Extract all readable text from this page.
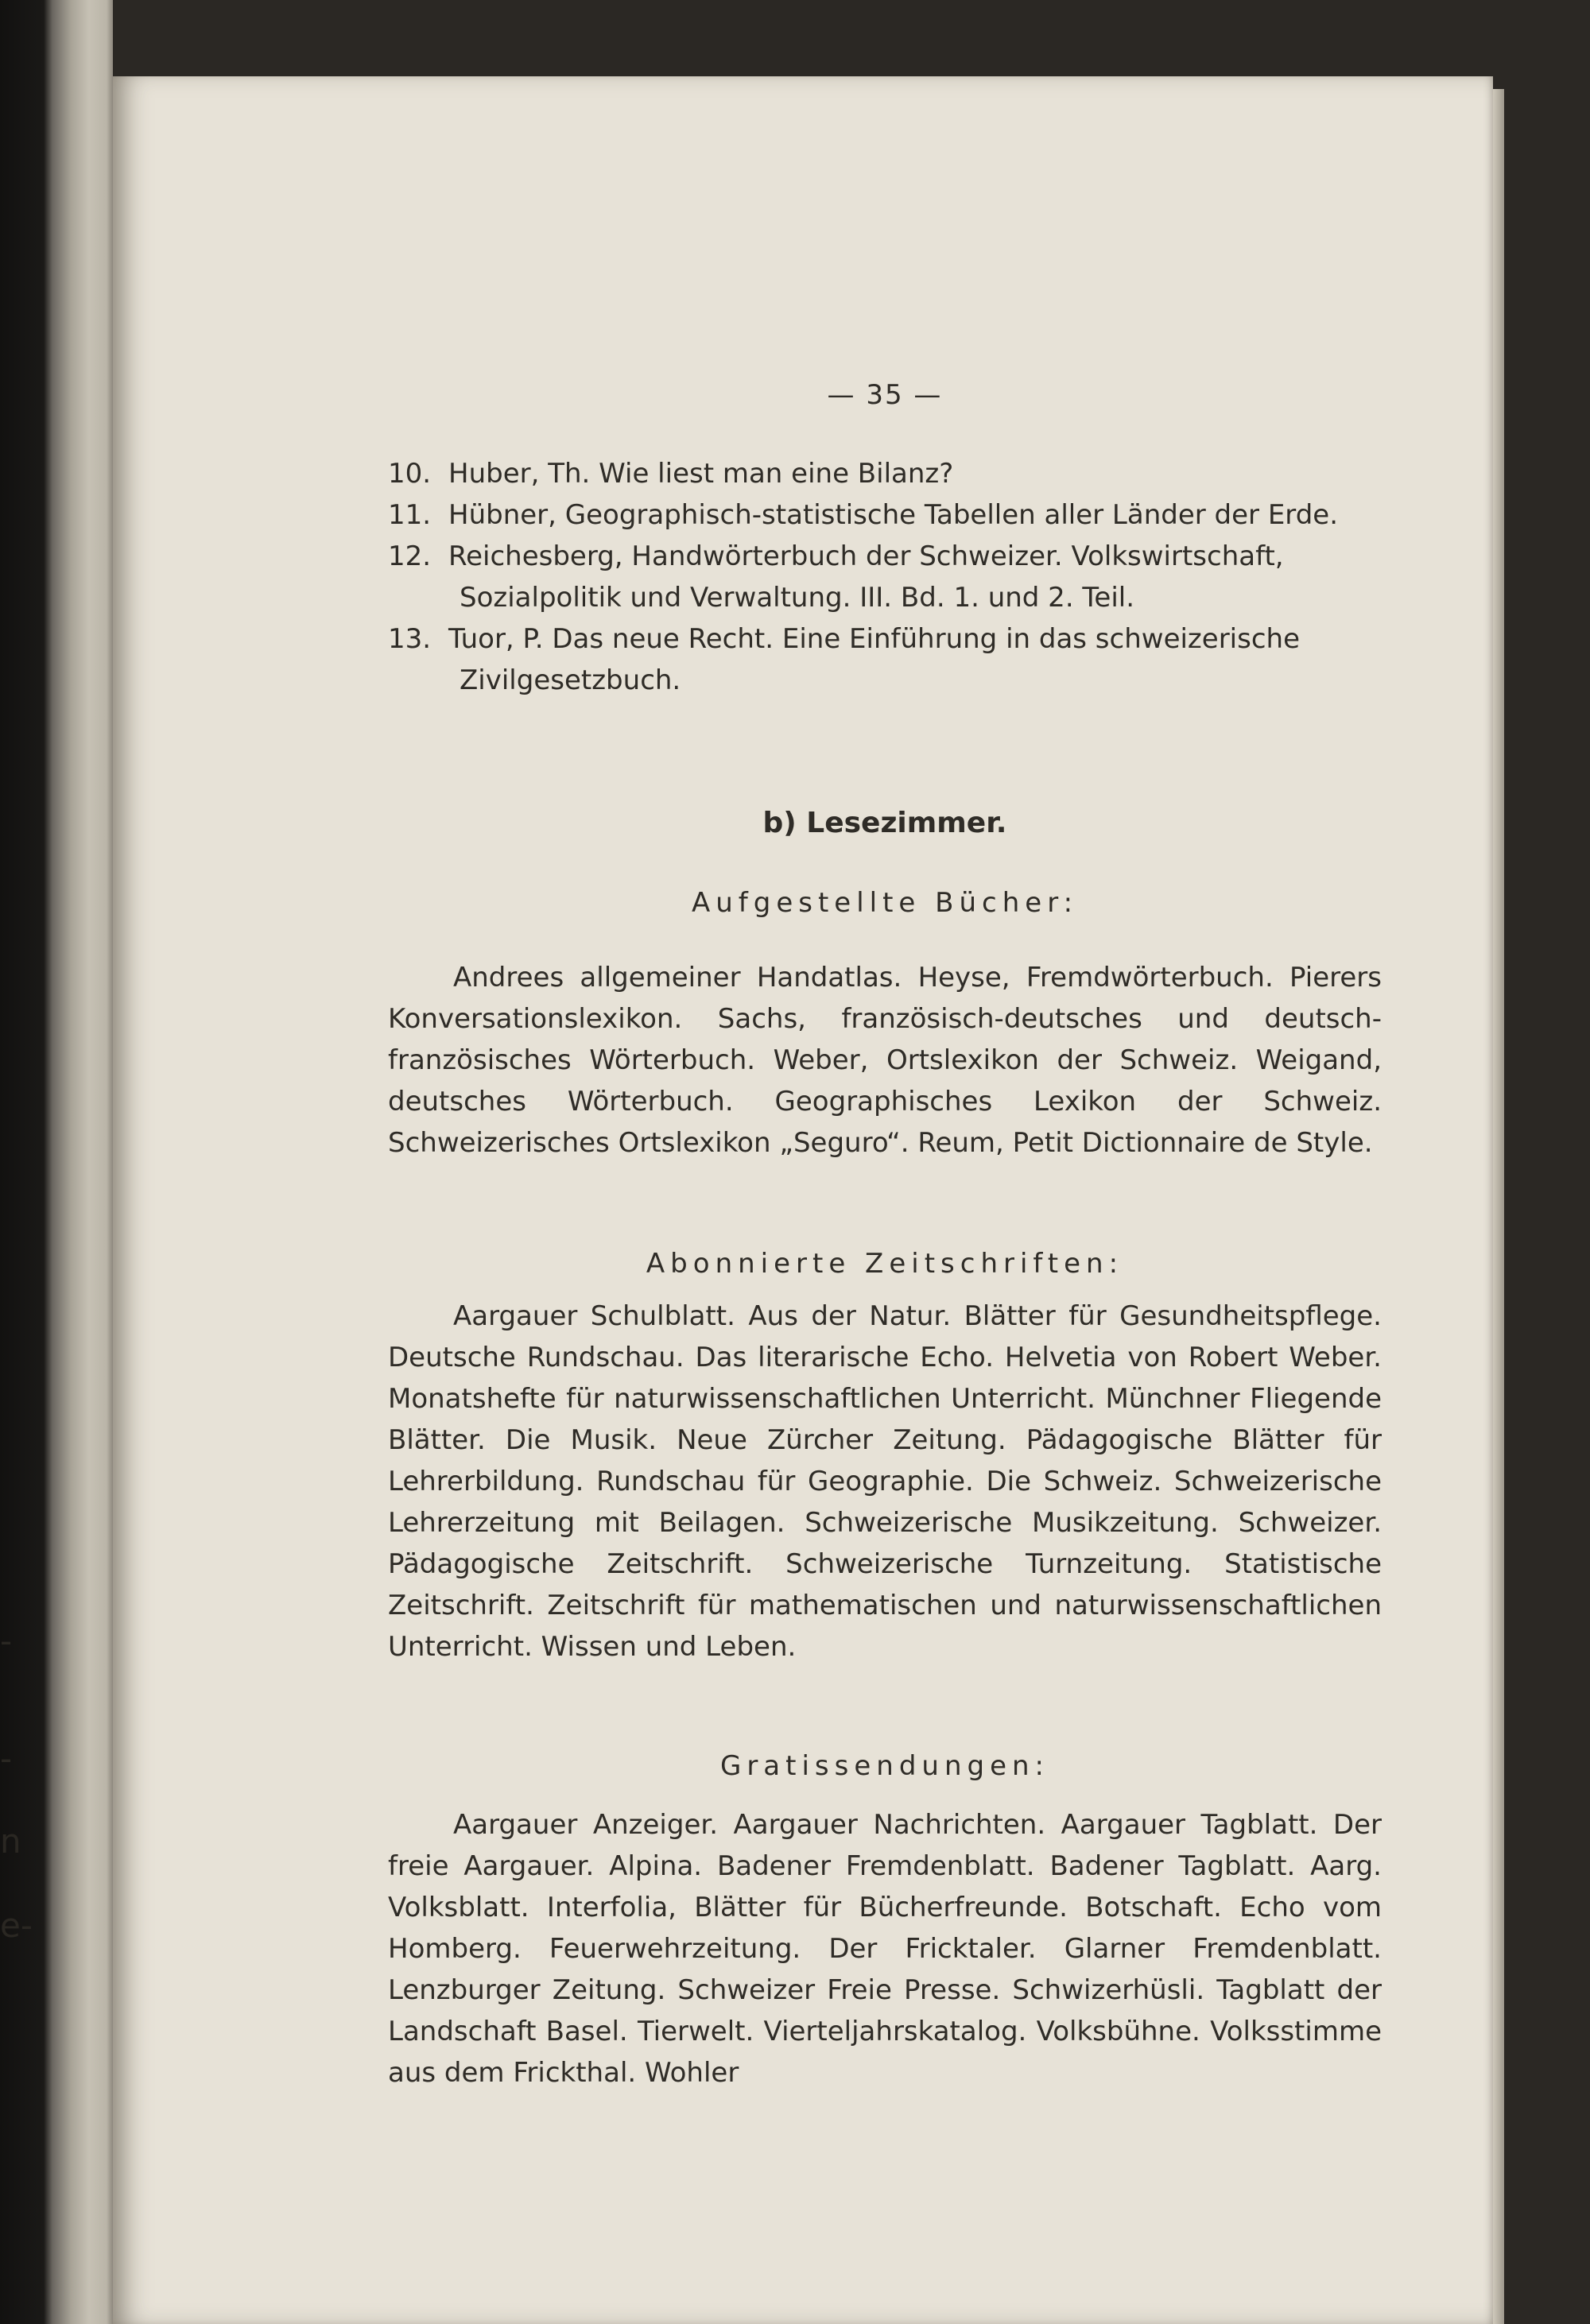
-
-
n
e-
— 35 —
10. Huber, Th. Wie liest man eine Bilanz?
11. Hübner, Geographisch-statistische Tabellen aller Länder der Erde.
12. Reichesberg, Handwörterbuch der Schweizer. Volkswirtschaft, Sozialpolitik und Verwaltung. III. Bd. 1. und 2. Teil.
13. Tuor, P. Das neue Recht. Eine Einführung in das schweizerische Zivilgesetzbuch.
b) Lesezimmer.
Aufgestellte Bücher:
Andrees allgemeiner Handatlas. Heyse, Fremdwörterbuch. Pierers Konversationslexikon. Sachs, französisch-deutsches und deutsch-französisches Wörterbuch. Weber, Ortslexikon der Schweiz. Weigand, deutsches Wörterbuch. Geographisches Lexikon der Schweiz. Schweizerisches Ortslexikon „Seguro“. Reum, Petit Dictionnaire de Style.
Abonnierte Zeitschriften:
Aargauer Schulblatt. Aus der Natur. Blätter für Gesundheitspflege. Deutsche Rundschau. Das literarische Echo. Helvetia von Robert Weber. Monatshefte für naturwissenschaftlichen Unterricht. Münchner Fliegende Blätter. Die Musik. Neue Zürcher Zeitung. Pädagogische Blätter für Lehrerbildung. Rundschau für Geographie. Die Schweiz. Schweizerische Lehrerzeitung mit Beilagen. Schweizerische Musikzeitung. Schweizer. Pädagogische Zeitschrift. Schweizerische Turnzeitung. Statistische Zeitschrift. Zeitschrift für mathematischen und naturwissenschaftlichen Unterricht. Wissen und Leben.
Gratissendungen:
Aargauer Anzeiger. Aargauer Nachrichten. Aargauer Tagblatt. Der freie Aargauer. Alpina. Badener Fremdenblatt. Badener Tagblatt. Aarg. Volksblatt. Interfolia, Blätter für Bücherfreunde. Botschaft. Echo vom Homberg. Feuerwehrzeitung. Der Fricktaler. Glarner Fremdenblatt. Lenzburger Zeitung. Schweizer Freie Presse. Schwizerhüsli. Tagblatt der Landschaft Basel. Tierwelt. Vierteljahrskatalog. Volksbühne. Volksstimme aus dem Frickthal. Wohler
